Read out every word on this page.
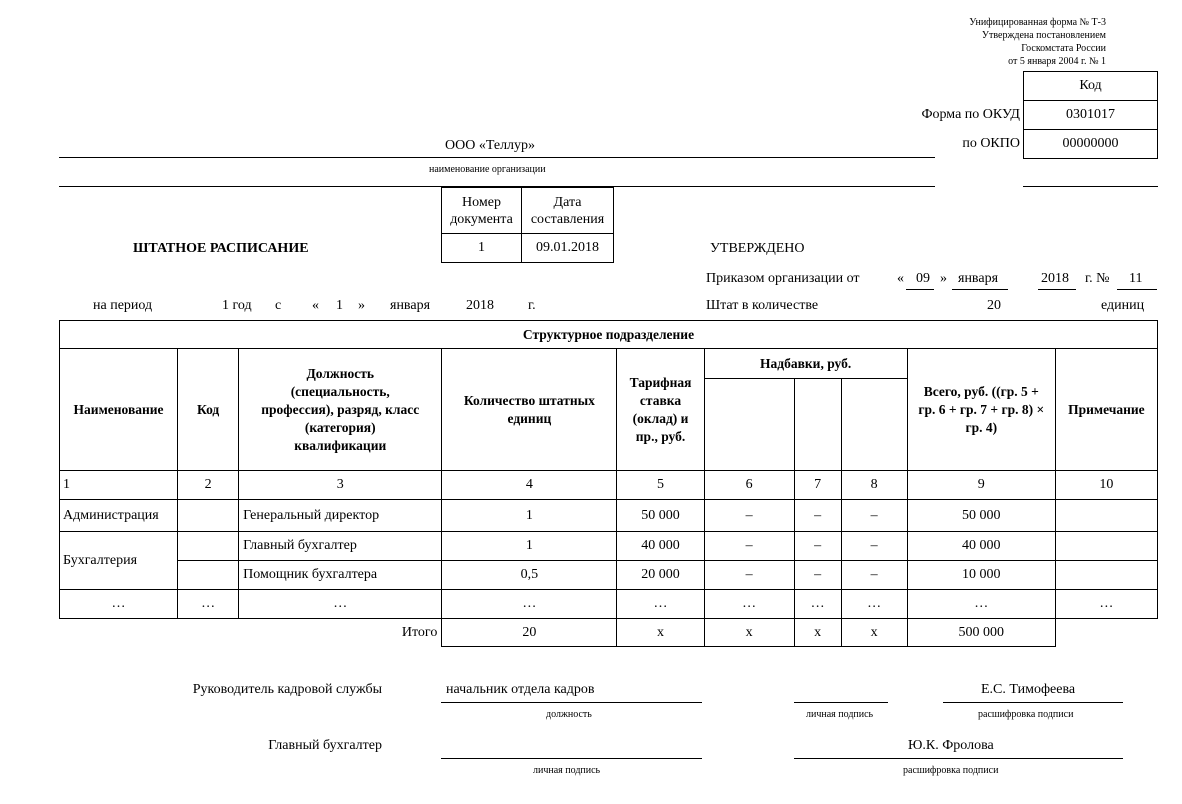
Унифицированная форма № Т-3
Утверждена постановлением
Госкомстата России
от 5 января 2004 г. № 1
Код
0301017
00000000
Форма по ОКУД
по ОКПО
ООО «Теллур»
наименование организации
ШТАТНОЕ РАСПИСАНИЕ
Номер документа	Дата составления
1	09.01.2018	УТВЕРЖДЕНО
Приказом организации от	« 09 » января	2018 г. № 11
Штат в количестве	20	единиц
на период	1 год с « 1 » января	2018 г.
Структурное подразделение									
Наименование	Код	Должность (специальность, профессия), разряд, класс (категория) квалификации	Количество штатных единиц	Тарифная ставка (оклад) и пр., руб.	Надбавки, руб.			Всего, руб. ((гр. 5 + гр. 6 + гр. 7 + гр. 8) × гр. 4)	Примечание

1	2	3	4	5	6	7	8	9	10
Администрация		Генеральный директор	1	50 000	–	–	–	50 000	
Бухгалтерия		Главный бухгалтер	1	40 000	–	–	–	40 000	
		Помощник бухгалтера	0,5	20 000	–	–	–	10 000	
…	…	…	…	…	…	…	…	…	…
Итого			20	х	х	х	х	500 000	
Руководитель кадровой службы	начальник отдела кадров
должность	личная подпись
Е.С. Тимофеева
расшифровка подписи
Главный бухгалтер
личная подпись
Ю.К. Фролова
расшифровка подписи
